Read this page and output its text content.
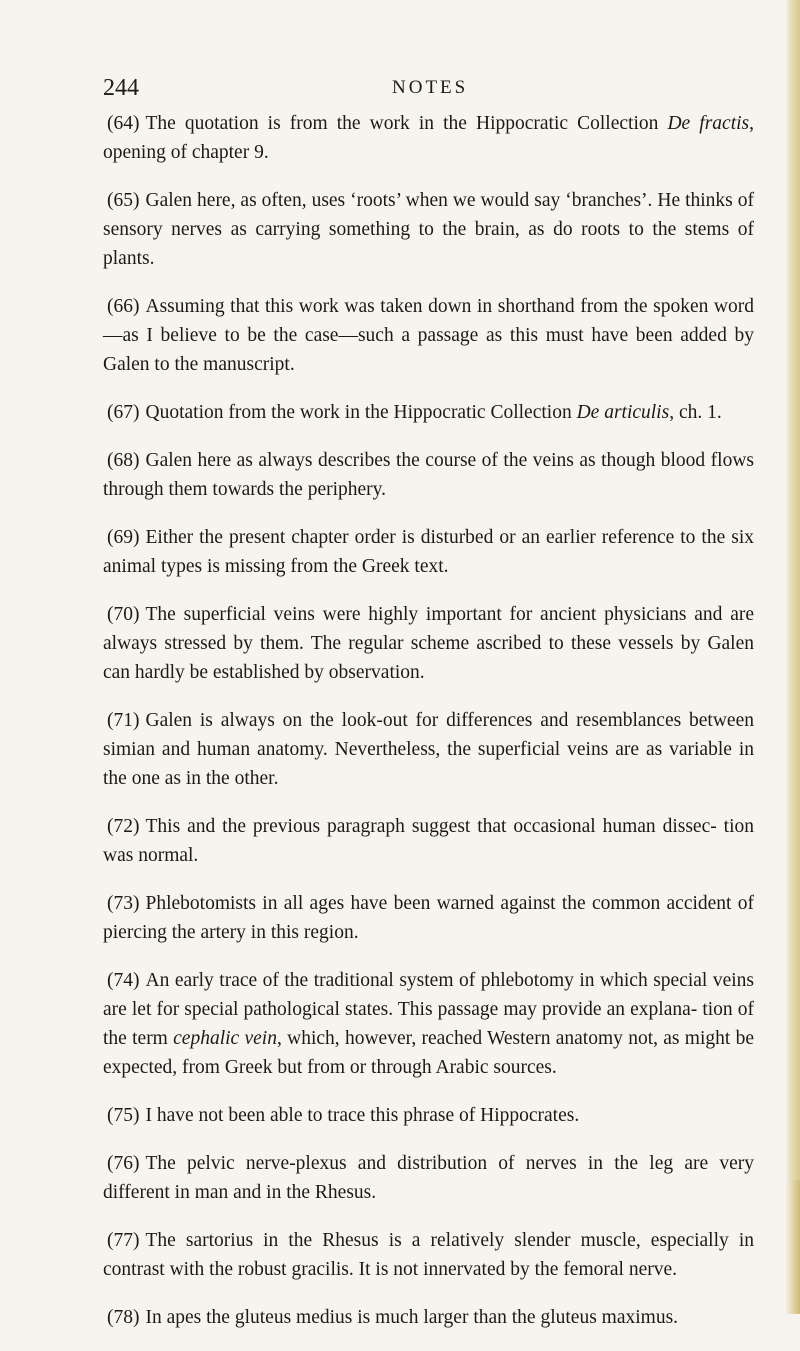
244	NOTES
(64) The quotation is from the work in the Hippocratic Collection De fractis, opening of chapter 9.
(65) Galen here, as often, uses ‘roots’ when we would say ‘branches’. He thinks of sensory nerves as carrying something to the brain, as do roots to the stems of plants.
(66) Assuming that this work was taken down in shorthand from the spoken word—as I believe to be the case—such a passage as this must have been added by Galen to the manuscript.
(67) Quotation from the work in the Hippocratic Collection De articulis, ch. 1.
(68) Galen here as always describes the course of the veins as though blood flows through them towards the periphery.
(69) Either the present chapter order is disturbed or an earlier reference to the six animal types is missing from the Greek text.
(70) The superficial veins were highly important for ancient physicians and are always stressed by them. The regular scheme ascribed to these vessels by Galen can hardly be established by observation.
(71) Galen is always on the look-out for differences and resemblances between simian and human anatomy. Nevertheless, the superficial veins are as variable in the one as in the other.
(72) This and the previous paragraph suggest that occasional human dissec- tion was normal.
(73) Phlebotomists in all ages have been warned against the common accident of piercing the artery in this region.
(74) An early trace of the traditional system of phlebotomy in which special veins are let for special pathological states. This passage may provide an explana- tion of the term cephalic vein, which, however, reached Western anatomy not, as might be expected, from Greek but from or through Arabic sources.
(75) I have not been able to trace this phrase of Hippocrates.
(76) The pelvic nerve-plexus and distribution of nerves in the leg are very different in man and in the Rhesus.
(77) The sartorius in the Rhesus is a relatively slender muscle, especially in contrast with the robust gracilis. It is not innervated by the femoral nerve.
(78) In apes the gluteus medius is much larger than the gluteus maximus.
